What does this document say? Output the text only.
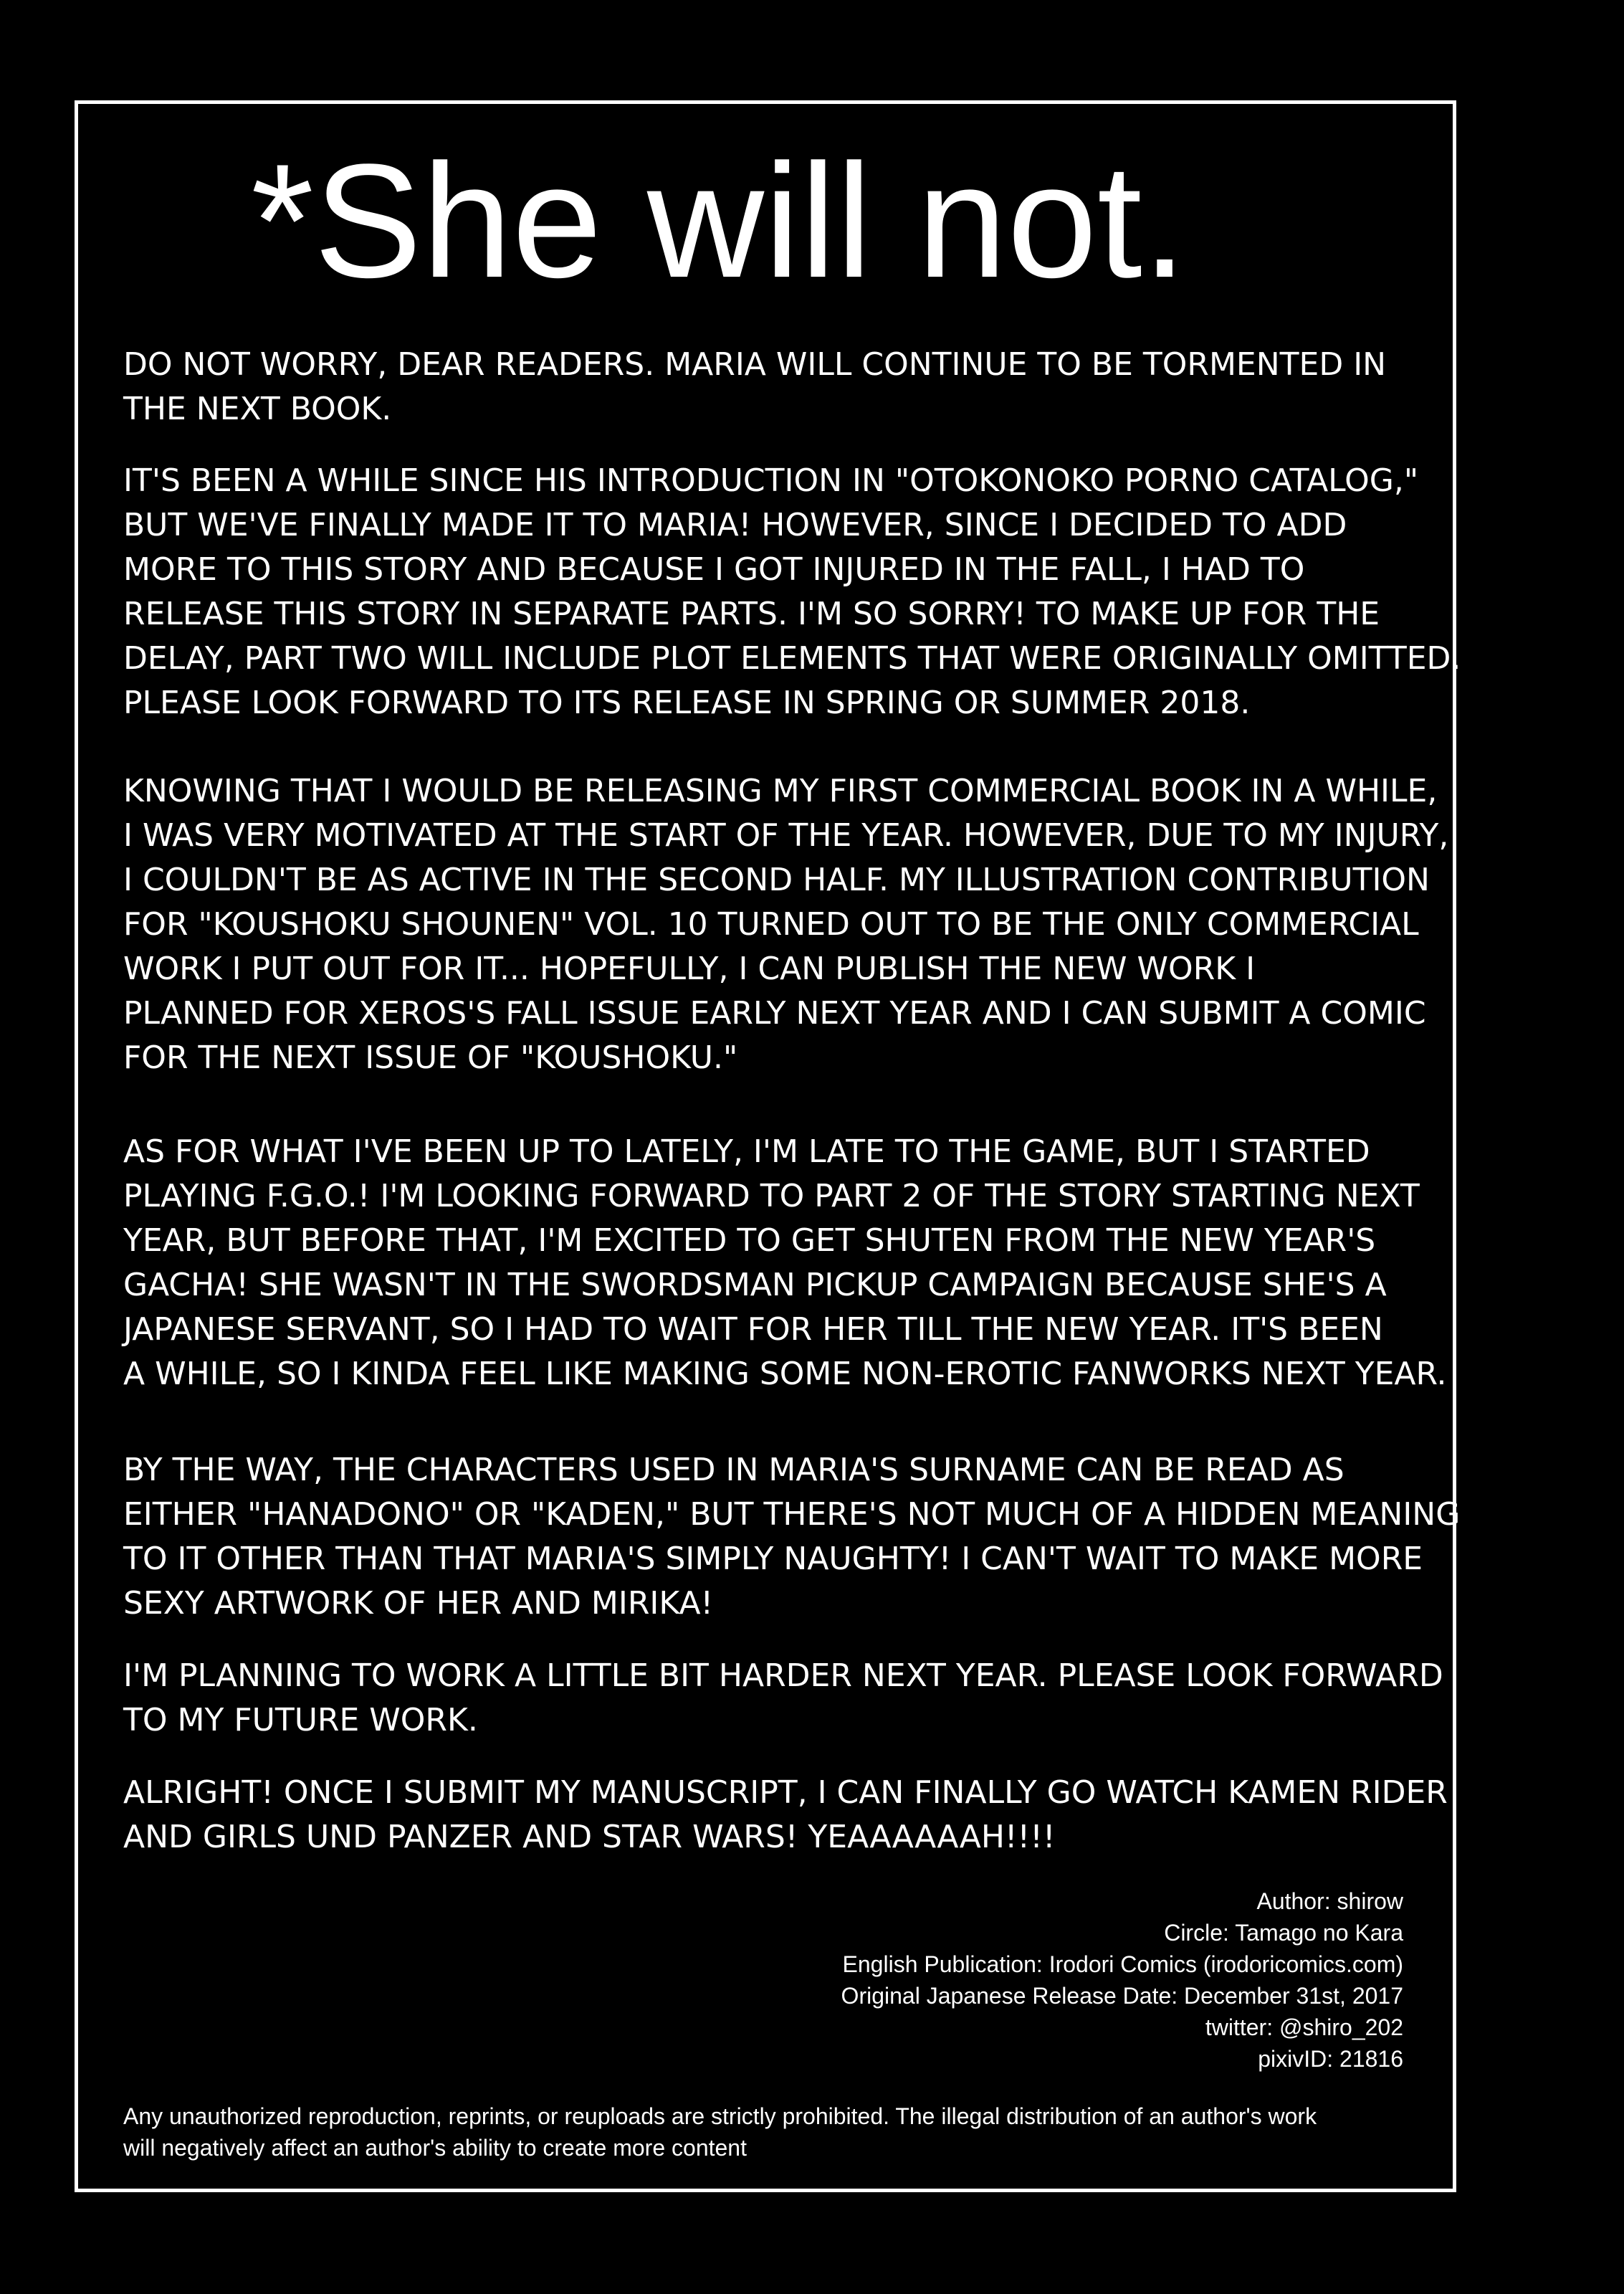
*She will not.
DO NOT WORRY, DEAR READERS. MARIA WILL CONTINUE TO BE TORMENTED IN
THE NEXT BOOK.
IT'S BEEN A WHILE SINCE HIS INTRODUCTION IN "OTOKONOKO PORNO CATALOG,"
BUT WE'VE FINALLY MADE IT TO MARIA! HOWEVER, SINCE I DECIDED TO ADD
MORE TO THIS STORY AND BECAUSE I GOT INJURED IN THE FALL, I HAD TO
RELEASE THIS STORY IN SEPARATE PARTS. I'M SO SORRY! TO MAKE UP FOR THE
DELAY, PART TWO WILL INCLUDE PLOT ELEMENTS THAT WERE ORIGINALLY OMITTED.
PLEASE LOOK FORWARD TO ITS RELEASE IN SPRING OR SUMMER 2018.
KNOWING THAT I WOULD BE RELEASING MY FIRST COMMERCIAL BOOK IN A WHILE,
I WAS VERY MOTIVATED AT THE START OF THE YEAR. HOWEVER, DUE TO MY INJURY,
I COULDN'T BE AS ACTIVE IN THE SECOND HALF. MY ILLUSTRATION CONTRIBUTION
FOR "KOUSHOKU SHOUNEN" VOL. 10 TURNED OUT TO BE THE ONLY COMMERCIAL
WORK I PUT OUT FOR IT... HOPEFULLY, I CAN PUBLISH THE NEW WORK I
PLANNED FOR XEROS'S FALL ISSUE EARLY NEXT YEAR AND I CAN SUBMIT A COMIC
FOR THE NEXT ISSUE OF "KOUSHOKU."
AS FOR WHAT I'VE BEEN UP TO LATELY, I'M LATE TO THE GAME, BUT I STARTED
PLAYING F.G.O.! I'M LOOKING FORWARD TO PART 2 OF THE STORY STARTING NEXT
YEAR, BUT BEFORE THAT, I'M EXCITED TO GET SHUTEN FROM THE NEW YEAR'S
GACHA! SHE WASN'T IN THE SWORDSMAN PICKUP CAMPAIGN BECAUSE SHE'S A
JAPANESE SERVANT, SO I HAD TO WAIT FOR HER TILL THE NEW YEAR. IT'S BEEN
A WHILE, SO I KINDA FEEL LIKE MAKING SOME NON-EROTIC FANWORKS NEXT YEAR.
BY THE WAY, THE CHARACTERS USED IN MARIA'S SURNAME CAN BE READ AS
EITHER "HANADONO" OR "KADEN," BUT THERE'S NOT MUCH OF A HIDDEN MEANING
TO IT OTHER THAN THAT MARIA'S SIMPLY NAUGHTY! I CAN'T WAIT TO MAKE MORE
SEXY ARTWORK OF HER AND MIRIKA!
I'M PLANNING TO WORK A LITTLE BIT HARDER NEXT YEAR. PLEASE LOOK FORWARD
TO MY FUTURE WORK.
ALRIGHT! ONCE I SUBMIT MY MANUSCRIPT, I CAN FINALLY GO WATCH KAMEN RIDER
AND GIRLS UND PANZER AND STAR WARS! YEAAAAAAH!!!!
Author: shirow
Circle: Tamago no Kara
English Publication: Irodori Comics (irodoricomics.com)
Original Japanese Release Date: December 31st, 2017
twitter: @shiro_202
pixivID: 21816
Any unauthorized reproduction, reprints, or reuploads are strictly prohibited. The illegal distribution of an author's work
will negatively affect an author's ability to create more content
